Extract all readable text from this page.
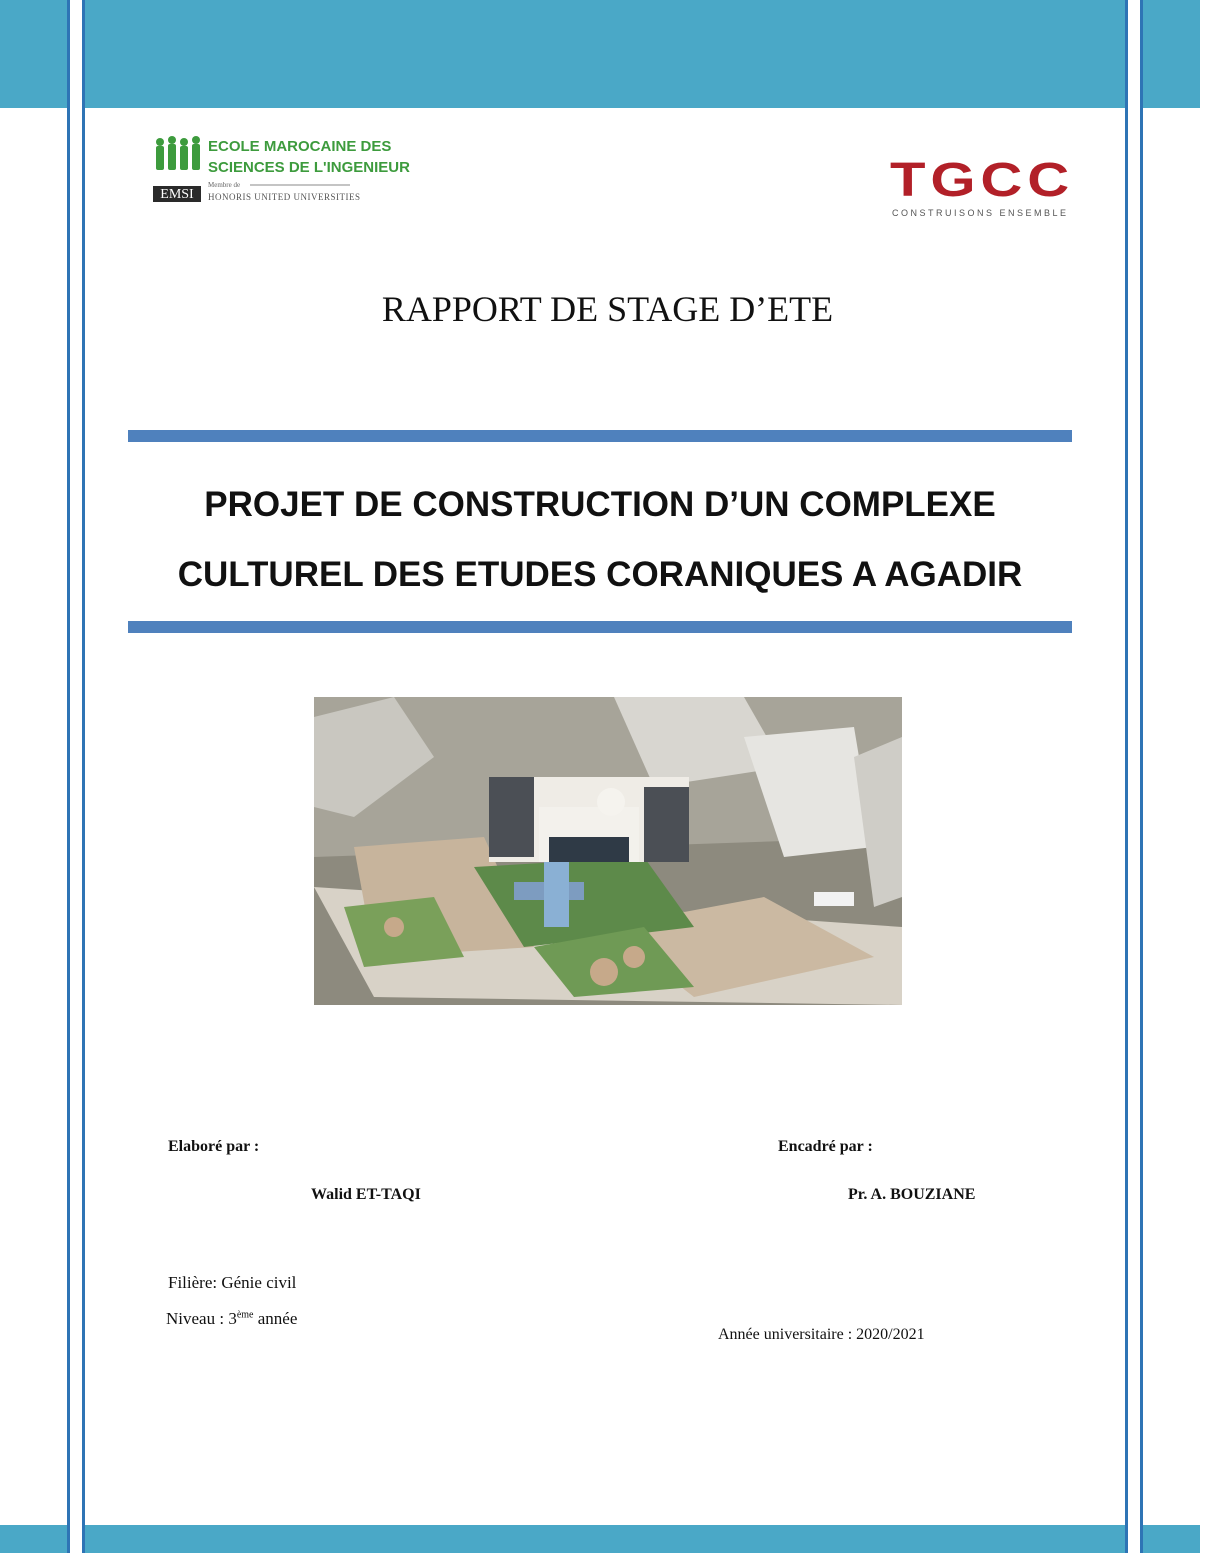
EMSI
ECOLE MAROCAINE DES
SCIENCES DE L'INGENIEUR
Membre de
HONORIS UNITED UNIVERSITIES	TGCC
CONSTRUISONS ENSEMBLE
RAPPORT DE STAGE D’ETE
PROJET DE CONSTRUCTION D’UN COMPLEXE
CULTUREL DES ETUDES CORANIQUES A AGADIR
Elaboré par :	Encadré par :
Walid ET-TAQI	Pr. A. BOUZIANE
Filière: Génie civil
Niveau : 3ème année
Année universitaire : 2020/2021
